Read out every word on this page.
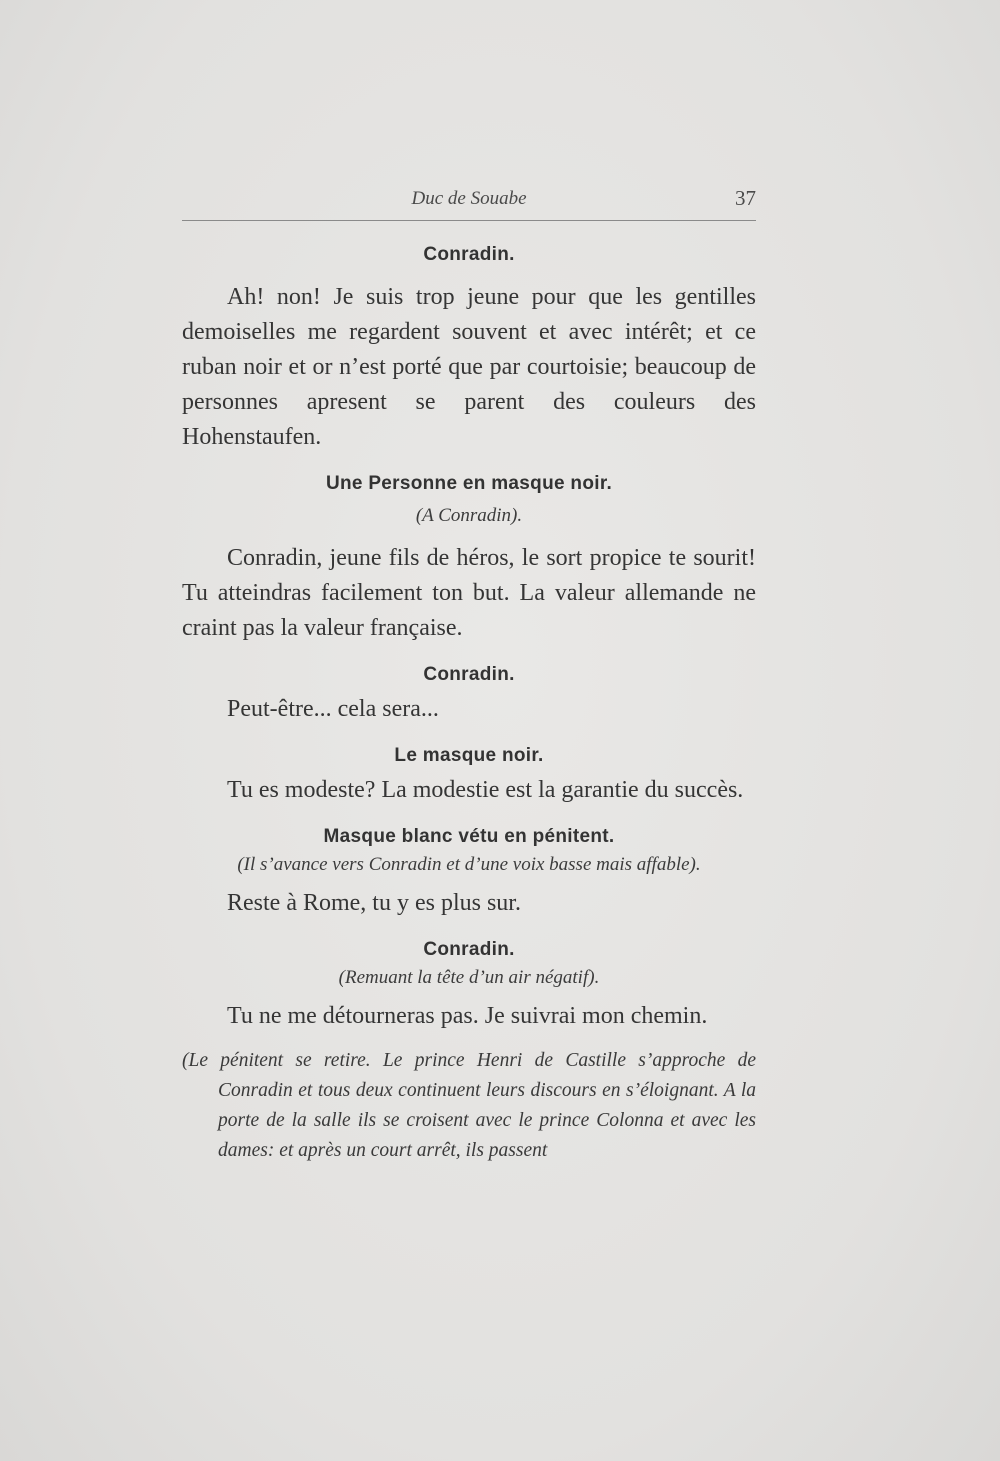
Duc de Souabe	37

Conradin.

Ah! non! Je suis trop jeune pour que les gentilles demoiselles me regardent souvent et avec intérêt; et ce ruban noir et or n’est porté que par courtoisie; beaucoup de personnes apresent se parent des couleurs des Hohenstaufen.

Une Personne en masque noir.

(A Conradin).

Conradin, jeune fils de héros, le sort propice te sourit! Tu atteindras facilement ton but. La valeur allemande ne craint pas la valeur française.

Conradin.

Peut-être... cela sera...

Le masque noir.

Tu es modeste? La modestie est la garantie du succès.

Masque blanc vétu en pénitent.

(Il s’avance vers Conradin et d’une voix basse mais affable).

Reste à Rome, tu y es plus sur.

Conradin.

(Remuant la tête d’un air négatif).

Tu ne me détourneras pas. Je suivrai mon chemin.

(Le pénitent se retire. Le prince Henri de Castille s’approche de Conradin et tous deux continuent leurs discours en s’éloignant. A la porte de la salle ils se croisent avec le prince Colonna et avec les dames: et après un court arrêt, ils passent
